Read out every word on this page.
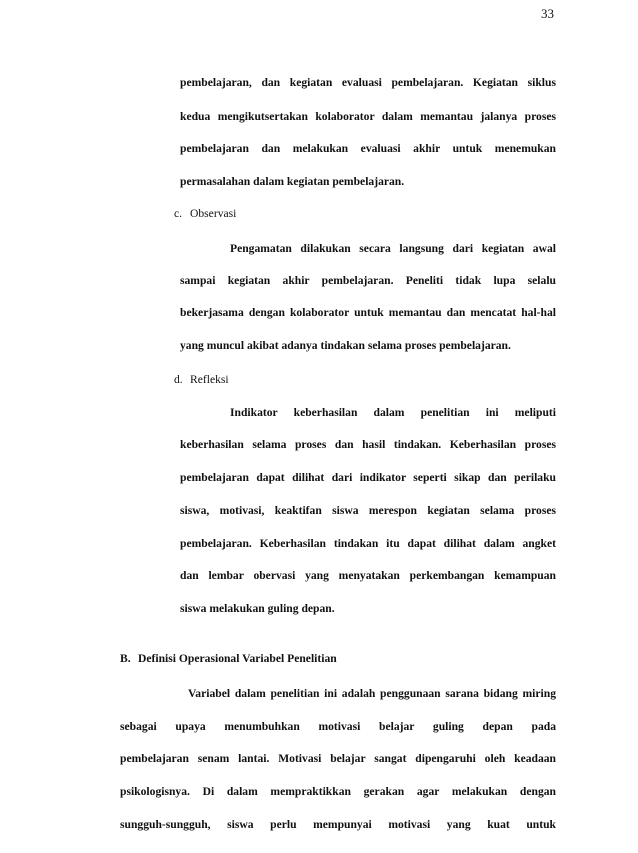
33
pembelajaran, dan kegiatan evaluasi pembelajaran. Kegiatan siklus
kedua mengikutsertakan kolaborator dalam memantau jalanya proses
pembelajaran dan melakukan evaluasi akhir untuk menemukan
permasalahan dalam kegiatan pembelajaran.
c. Observasi
Pengamatan dilakukan secara langsung dari kegiatan awal
sampai kegiatan akhir pembelajaran. Peneliti tidak lupa selalu
bekerjasama dengan kolaborator untuk memantau dan mencatat hal-hal
yang muncul akibat adanya tindakan selama proses pembelajaran.
d. Refleksi
Indikator keberhasilan dalam penelitian ini meliputi
keberhasilan selama proses dan hasil tindakan. Keberhasilan proses
pembelajaran dapat dilihat dari indikator seperti sikap dan perilaku
siswa, motivasi, keaktifan siswa merespon kegiatan selama proses
pembelajaran. Keberhasilan tindakan itu dapat dilihat dalam angket
dan lembar obervasi yang menyatakan perkembangan kemampuan
siswa melakukan guling depan.
B. Definisi Operasional Variabel Penelitian
Variabel dalam penelitian ini adalah penggunaan sarana bidang miring
sebagai upaya menumbuhkan motivasi belajar guling depan pada
pembelajaran senam lantai. Motivasi belajar sangat dipengaruhi oleh keadaan
psikologisnya. Di dalam mempraktikkan gerakan agar melakukan dengan
sungguh-sungguh, siswa perlu mempunyai motivasi yang kuat untuk
